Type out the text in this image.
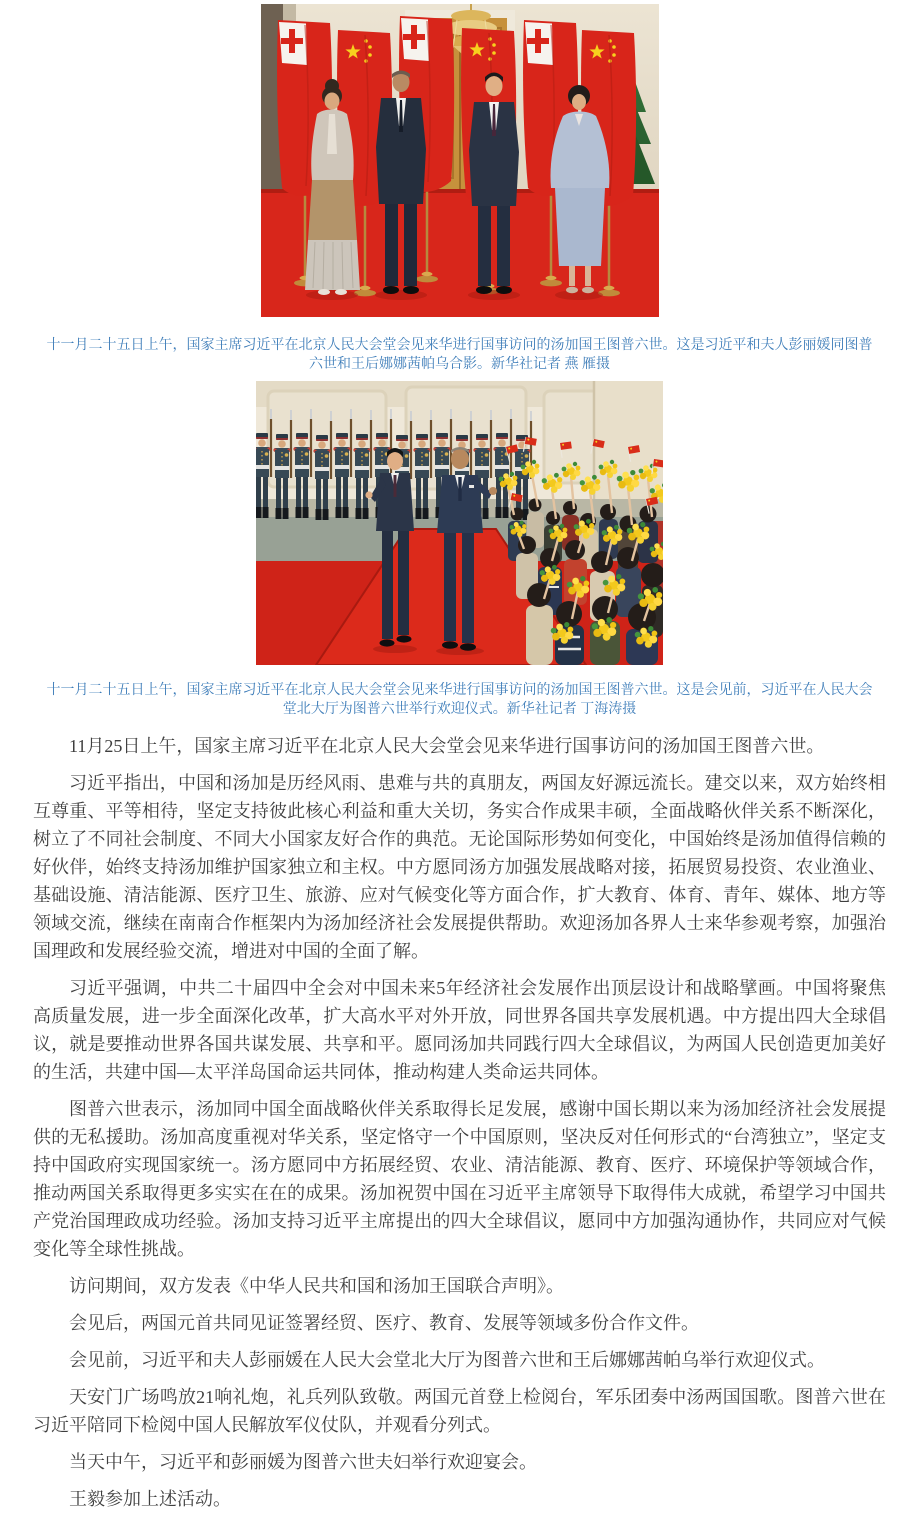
十一月二十五日上午，国家主席习近平在北京人民大会堂会见来华进行国事访问的汤加国王图普六世。这是习近平和夫人彭丽媛同图普六世和王后娜娜茜帕乌合影。新华社记者 燕 雁摄

十一月二十五日上午，国家主席习近平在北京人民大会堂会见来华进行国事访问的汤加国王图普六世。这是会见前，习近平在人民大会堂北大厅为图普六世举行欢迎仪式。新华社记者 丁海涛摄

11月25日上午，国家主席习近平在北京人民大会堂会见来华进行国事访问的汤加国王图普六世。

习近平指出，中国和汤加是历经风雨、患难与共的真朋友，两国友好源远流长。建交以来，双方始终相互尊重、平等相待，坚定支持彼此核心利益和重大关切，务实合作成果丰硕，全面战略伙伴关系不断深化，树立了不同社会制度、不同大小国家友好合作的典范。无论国际形势如何变化，中国始终是汤加值得信赖的好伙伴，始终支持汤加维护国家独立和主权。中方愿同汤方加强发展战略对接，拓展贸易投资、农业渔业、基础设施、清洁能源、医疗卫生、旅游、应对气候变化等方面合作，扩大教育、体育、青年、媒体、地方等领域交流，继续在南南合作框架内为汤加经济社会发展提供帮助。欢迎汤加各界人士来华参观考察，加强治国理政和发展经验交流，增进对中国的全面了解。

习近平强调，中共二十届四中全会对中国未来5年经济社会发展作出顶层设计和战略擘画。中国将聚焦高质量发展，进一步全面深化改革，扩大高水平对外开放，同世界各国共享发展机遇。中方提出四大全球倡议，就是要推动世界各国共谋发展、共享和平。愿同汤加共同践行四大全球倡议，为两国人民创造更加美好的生活，共建中国—太平洋岛国命运共同体，推动构建人类命运共同体。

图普六世表示，汤加同中国全面战略伙伴关系取得长足发展，感谢中国长期以来为汤加经济社会发展提供的无私援助。汤加高度重视对华关系，坚定恪守一个中国原则，坚决反对任何形式的“台湾独立”，坚定支持中国政府实现国家统一。汤方愿同中方拓展经贸、农业、清洁能源、教育、医疗、环境保护等领域合作，推动两国关系取得更多实实在在的成果。汤加祝贺中国在习近平主席领导下取得伟大成就，希望学习中国共产党治国理政成功经验。汤加支持习近平主席提出的四大全球倡议，愿同中方加强沟通协作，共同应对气候变化等全球性挑战。

访问期间，双方发表《中华人民共和国和汤加王国联合声明》。

会见后，两国元首共同见证签署经贸、医疗、教育、发展等领域多份合作文件。

会见前，习近平和夫人彭丽媛在人民大会堂北大厅为图普六世和王后娜娜茜帕乌举行欢迎仪式。

天安门广场鸣放21响礼炮，礼兵列队致敬。两国元首登上检阅台，军乐团奏中汤两国国歌。图普六世在习近平陪同下检阅中国人民解放军仪仗队，并观看分列式。

当天中午，习近平和彭丽媛为图普六世夫妇举行欢迎宴会。

王毅参加上述活动。
